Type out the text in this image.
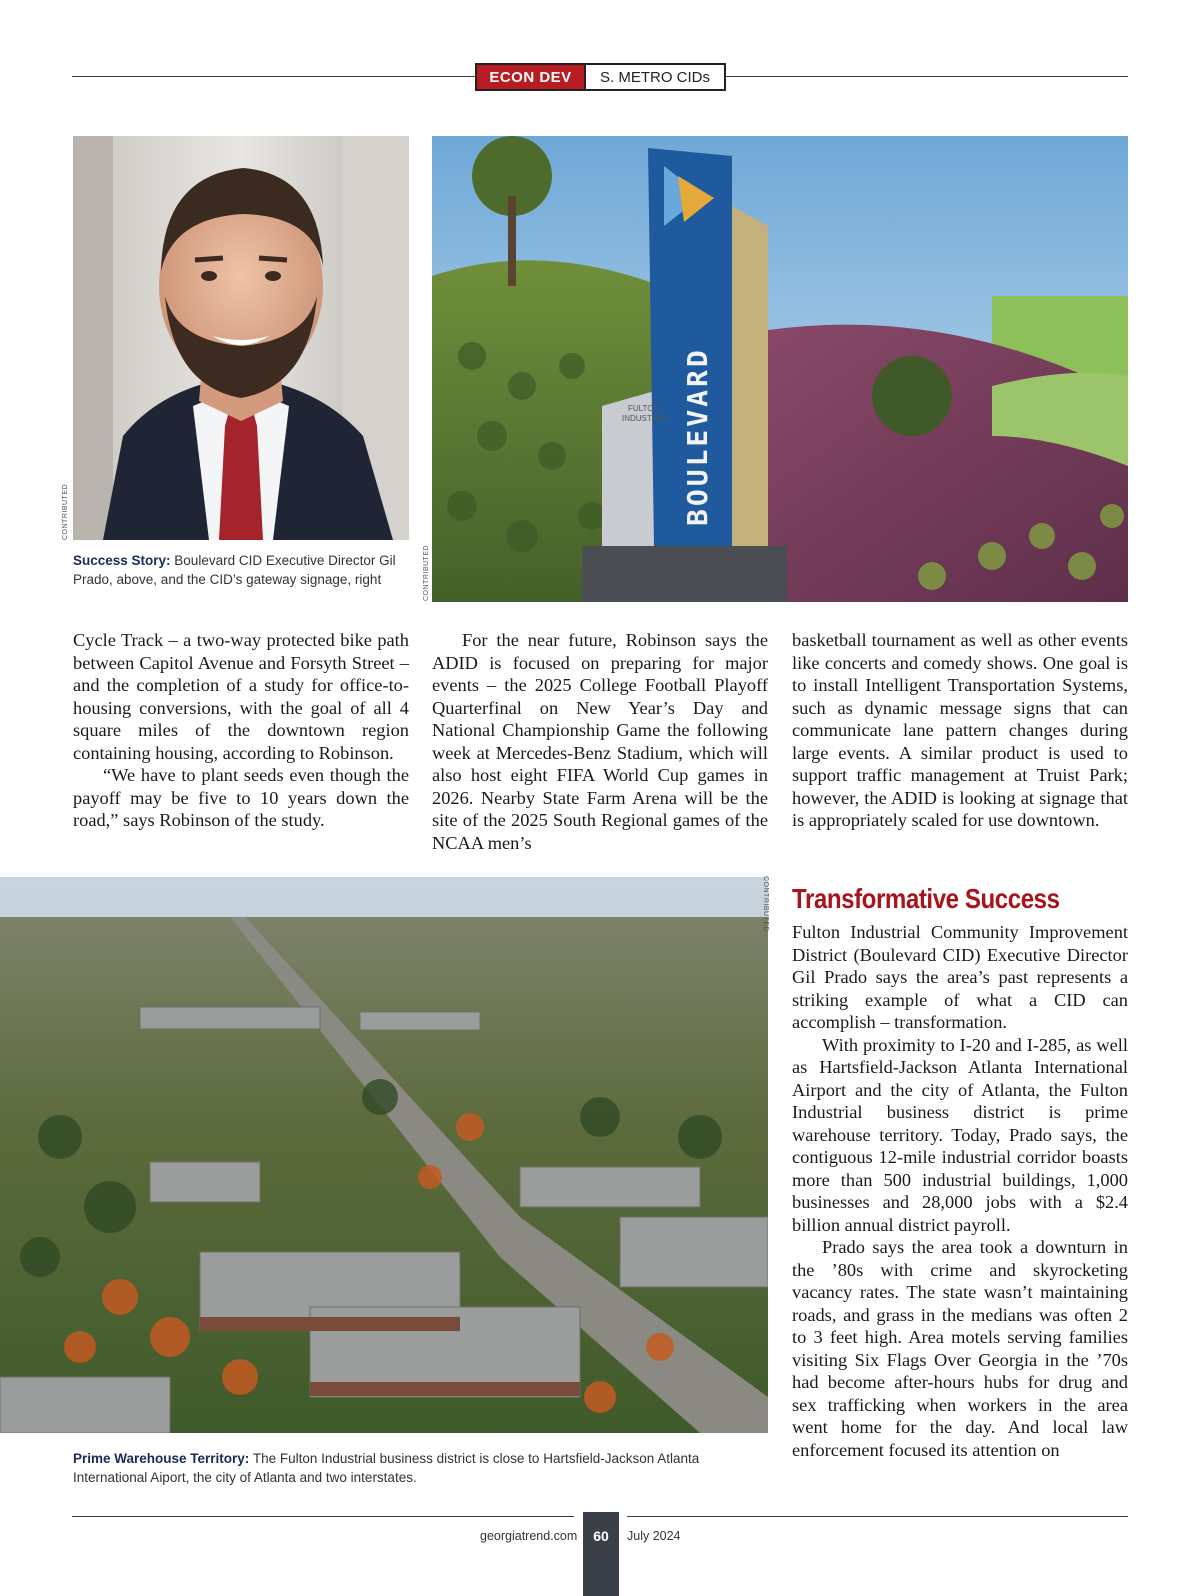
ECON DEV	S. METRO CIDs
CONTRIBUTED
Success Story: Boulevard CID Executive Director Gil Prado, above, and the CID’s gateway signage, right
FULTON
INDUSTRIAL
CONTRIBUTED

Cycle Track – a two-way protected bike path between Capitol Avenue and Forsyth Street – and the completion of a study for office-to-housing conversions, with the goal of all 4 square miles of the downtown region containing housing, according to Robinson.

“We have to plant seeds even though the payoff may be five to 10 years down the road,” says Robinson of the study.

For the near future, Robinson says the ADID is focused on preparing for major events – the 2025 College Football Playoff Quarterfinal on New Year’s Day and National Championship Game the following week at Mercedes-Benz Stadium, which will also host eight FIFA World Cup games in 2026. Nearby State Farm Arena will be the site of the 2025 South Regional games of the NCAA men’s

basketball tournament as well as other events like concerts and comedy shows. One goal is to install Intelligent Transportation Systems, such as dynamic message signs that can communicate lane pattern changes during large events. A similar product is used to support traffic management at Truist Park; however, the ADID is looking at signage that is appropriately scaled for use downtown.

CONTRIBUTED
Prime Warehouse Territory: The Fulton Industrial business district is close to Hartsfield-Jackson Atlanta International Aiport, the city of Atlanta and two interstates.
Transformative Success

Fulton Industrial Community Improvement District (Boulevard CID) Executive Director Gil Prado says the area’s past represents a striking example of what a CID can accomplish – transformation.

With proximity to I-20 and I-285, as well as Hartsfield-Jackson Atlanta International Airport and the city of Atlanta, the Fulton Industrial business district is prime warehouse territory. Today, Prado says, the contiguous 12-mile industrial corridor boasts more than 500 industrial buildings, 1,000 businesses and 28,000 jobs with a $2.4 billion annual district payroll.

Prado says the area took a downturn in the ’80s with crime and skyrocketing vacancy rates. The state wasn’t maintaining roads, and grass in the medians was often 2 to 3 feet high. Area motels serving families visiting Six Flags Over Georgia in the ’70s had become after-hours hubs for drug and sex trafficking when workers in the area went home for the day. And local law enforcement focused its attention on

georgiatrend.com	60	July 2024
